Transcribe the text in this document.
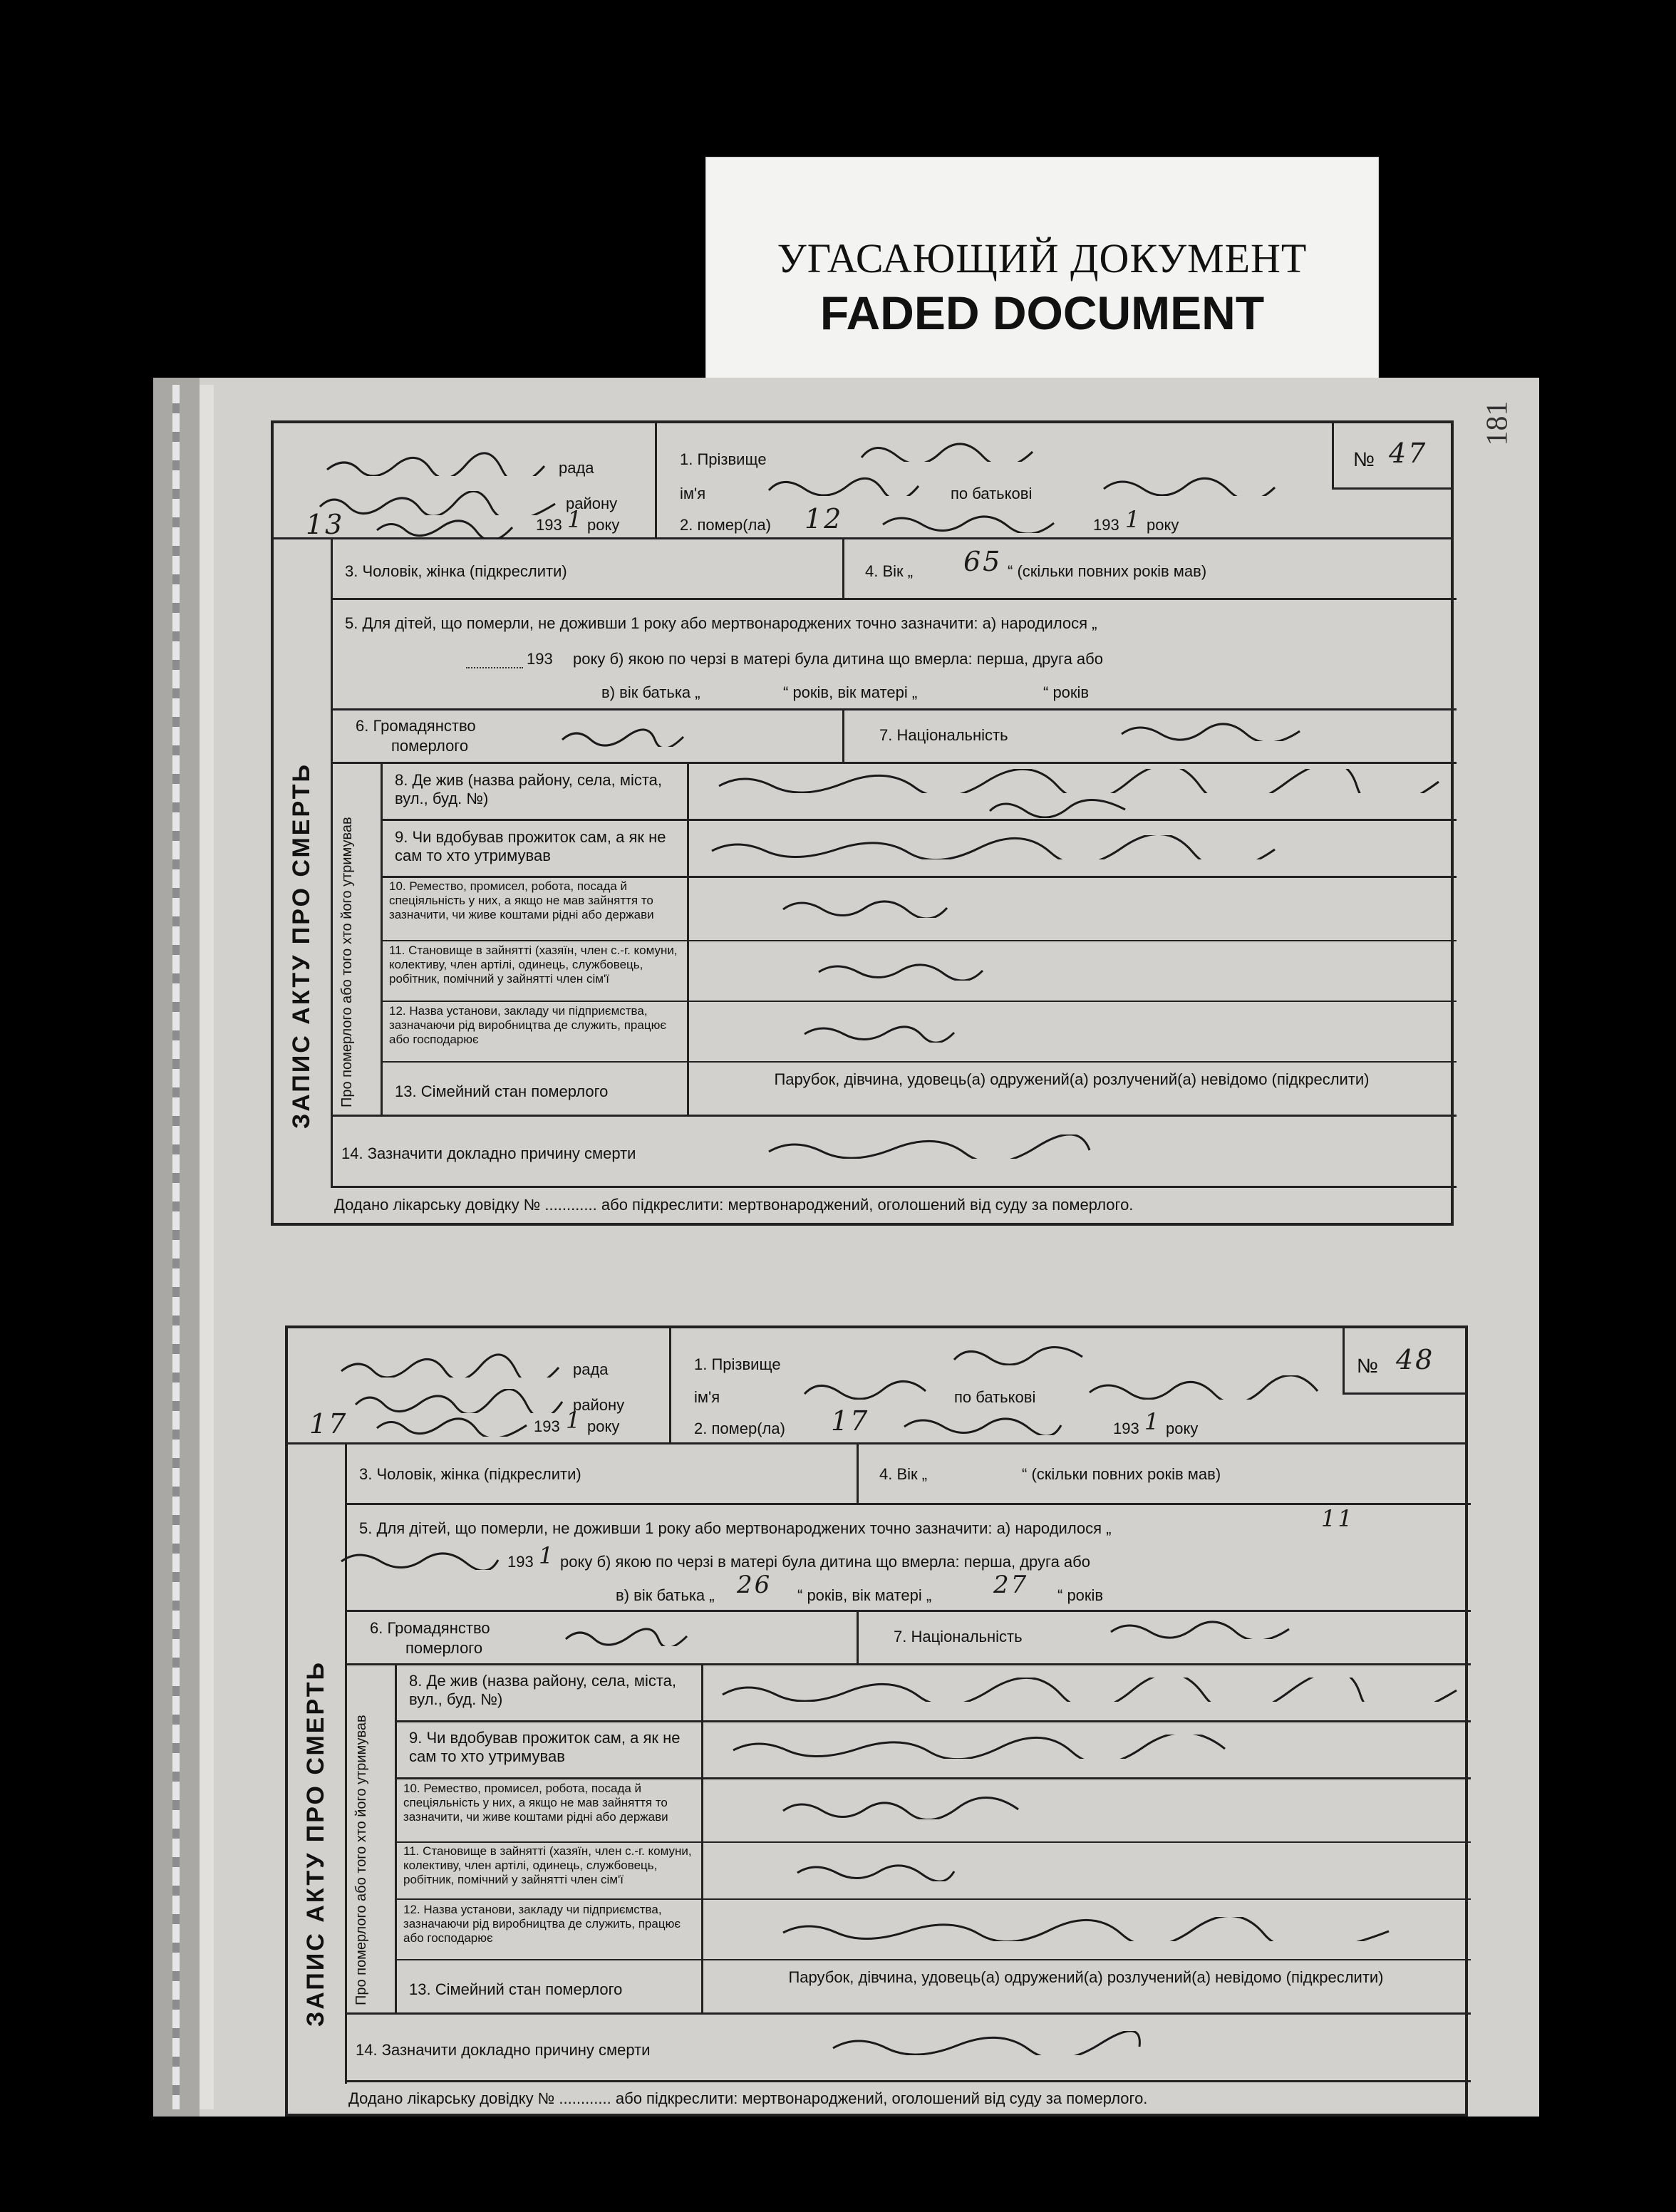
УГАСАЮЩИЙ ДОКУМЕНТ
FADED DOCUMENT
181
ЗАПИС АКТУ ПРО СМЕРТЬ Про померлого або того хто його утримував
рада
району
13	193 1 року
1. Прізвище
ім'я	по батькові
2. помер(ла) 12	193 1 року
№ 47
3. Чоловік, жінка (підкреслити)	4. Вік „ 65 “ (скільки повних років мав)
5. Для дітей, що померли, не доживши 1 року або мертвонароджених точно зазначити: а) народилося „
193 року б) якою по черзі в матері була дитина що вмерла: перша, друга або
в) вік батька „	“ років, вік матері „	“ років
6. Громадянство
померлого
7. Національність
8. Де жив (назва району, села, міста, вул., буд. №)
9. Чи вдобував прожиток сам, а як не сам то хто утримував
10. Ремество, промисел, робота, посада й спеціяльність у них, а якщо не мав зайняття то зазначити, чи живе коштами рідні або держави
11. Становище в зайнятті (хазяїн, член с.-г. комуни, колективу, член артілі, одинець, службовець, робітник, помічний у зайнятті член сім'ї
12. Назва установи, закладу чи підприємства, зазначаючи рід виробництва де служить, працює або господарює
13. Сімейний стан померлого
Парубок, дівчина, удовець(а) одружений(а) розлучений(а) невідомо (підкреслити)
14. Зазначити докладно причину смерти
Додано лікарську довідку № ............ або підкреслити: мертвонароджений, оголошений від суду за померлого.
ЗАПИС АКТУ ПРО СМЕРТЬ Про померлого або того хто його утримував
рада
району
17	193 1 року
1. Прізвище
ім'я	по батькові
2. помер(ла) 17	193 1 року
№ 48
3. Чоловік, жінка (підкреслити)	4. Вік „	“ (скільки повних років мав)
5. Для дітей, що померли, не доживши 1 року або мертвонароджених точно зазначити: а) народилося „	11
193 1 року б) якою по черзі в матері була дитина що вмерла: перша, друга або
в) вік батька „ 26 “ років, вік матері „	27 “ років
6. Громадянство
померлого
7. Національність
8. Де жив (назва району, села, міста, вул., буд. №)
9. Чи вдобував прожиток сам, а як не сам то хто утримував
10. Ремество, промисел, робота, посада й спеціяльність у них, а якщо не мав зайняття то зазначити, чи живе коштами рідні або держави
11. Становище в зайнятті (хазяїн, член с.-г. комуни, колективу, член артілі, одинець, службовець, робітник, помічний у зайнятті член сім'ї
12. Назва установи, закладу чи підприємства, зазначаючи рід виробництва де служить, працює або господарює
13. Сімейний стан померлого
Парубок, дівчина, удовець(а) одружений(а) розлучений(а) невідомо (підкреслити)
14. Зазначити докладно причину смерти
Додано лікарську довідку № ............ або підкреслити: мертвонароджений, оголошений від суду за померлого.
